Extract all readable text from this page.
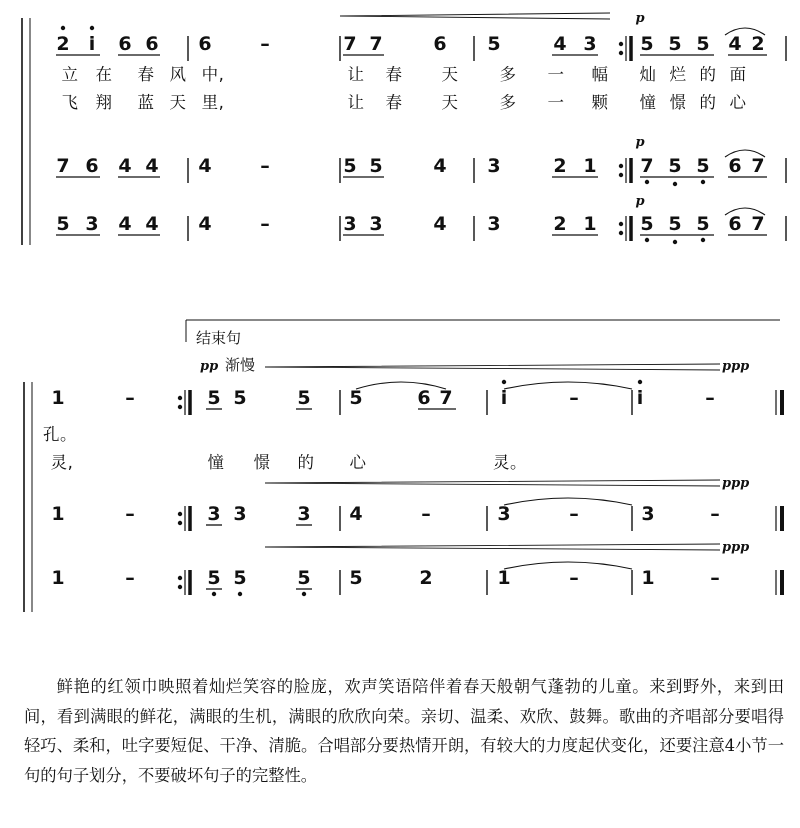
2 i 6 6 6	–	7 7	6 5	4 3 5 5 5 4 2
7 6 4 4 4	–	5 5	4 3	2 1 7 5 5 6 7
5 3 4 4 4	–	3 3	4 3	2 1 5 5 5 6 7
p
p
p
立 在 春 风 中,	让 春 天 多 一 幅 灿 烂 的 面
飞 翔 蓝 天 里,	让 春 天 多 一 颗 憧 憬 的 心
结束句
pp 渐慢	ppp
ppp
ppp
1	–	5 5	5 5	6 7	i	–	i	–
1	–	3 3	3 4	–	3	–	3	–
1	–	5 5	5 5	2	1	–	1	–
孔。
灵,	憧 憬 的 心	灵。

鲜艳的红领巾映照着灿烂笑容的脸庞，欢声笑语陪伴着春天般朝气蓬勃的儿童。来到野外，来到田间，看到满眼的鲜花，满眼的生机，满眼的欣欣向荣。亲切、温柔、欢欣、鼓舞。歌曲的齐唱部分要唱得轻巧、柔和，吐字要短促、干净、清脆。合唱部分要热情开朗，有较大的力度起伏变化，还要注意4小节一句的句子划分，不要破坏句子的完整性。
